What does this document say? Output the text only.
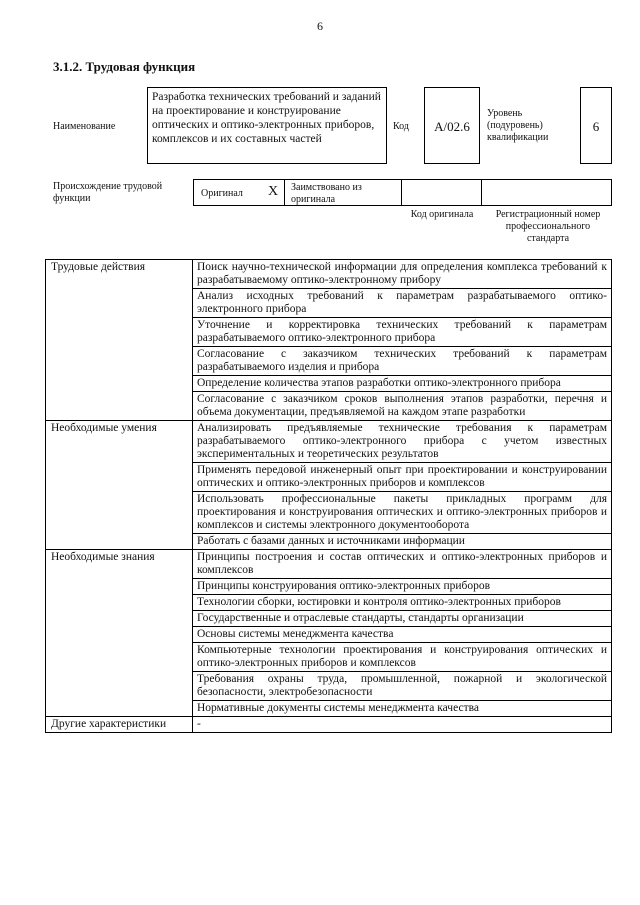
6
3.1.2. Трудовая функция
Наименование
Разработка технических требований и заданий на проектирование и конструирование оптических и оптико-электронных приборов, комплексов и их составных частей
Код	A/02.6
Уровень (подуровень) квалификации
6
Происхождение трудовой функции	Оригинал X Заимствовано из оригинала
Код оригинала	Регистрационный номер профессионального стандарта
Трудовые действия	Поиск научно-технической информации для определения комплекса требований к разрабатываемому оптико-электронному прибору
	Анализ исходных требований к параметрам разрабатываемого оптико-электронного прибора
	Уточнение и корректировка технических требований к параметрам разрабатываемого оптико-электронного прибора
	Согласование с заказчиком технических требований к параметрам разрабатываемого изделия и прибора
	Определение количества этапов разработки оптико-электронного прибора
	Согласование с заказчиком сроков выполнения этапов разработки, перечня и объема документации, предъявляемой на каждом этапе разработки
Необходимые умения	Анализировать предъявляемые технические требования к параметрам разрабатываемого оптико-электронного прибора с учетом известных экспериментальных и теоретических результатов
	Применять передовой инженерный опыт при проектировании и конструировании оптических и оптико-электронных приборов и комплексов
	Использовать профессиональные пакеты прикладных программ для проектирования и конструирования оптических и оптико-электронных приборов и комплексов и системы электронного документооборота
	Работать с базами данных и источниками информации
Необходимые знания	Принципы построения и состав оптических и оптико-электронных приборов и комплексов
	Принципы конструирования оптико-электронных приборов
	Технологии сборки, юстировки и контроля оптико-электронных приборов
	Государственные и отраслевые стандарты, стандарты организации
	Основы системы менеджмента качества
	Компьютерные технологии проектирования и конструирования оптических и оптико-электронных приборов и комплексов
	Требования охраны труда, промышленной, пожарной и экологической безопасности, электробезопасности
	Нормативные документы системы менеджмента качества
Другие характеристики	-
